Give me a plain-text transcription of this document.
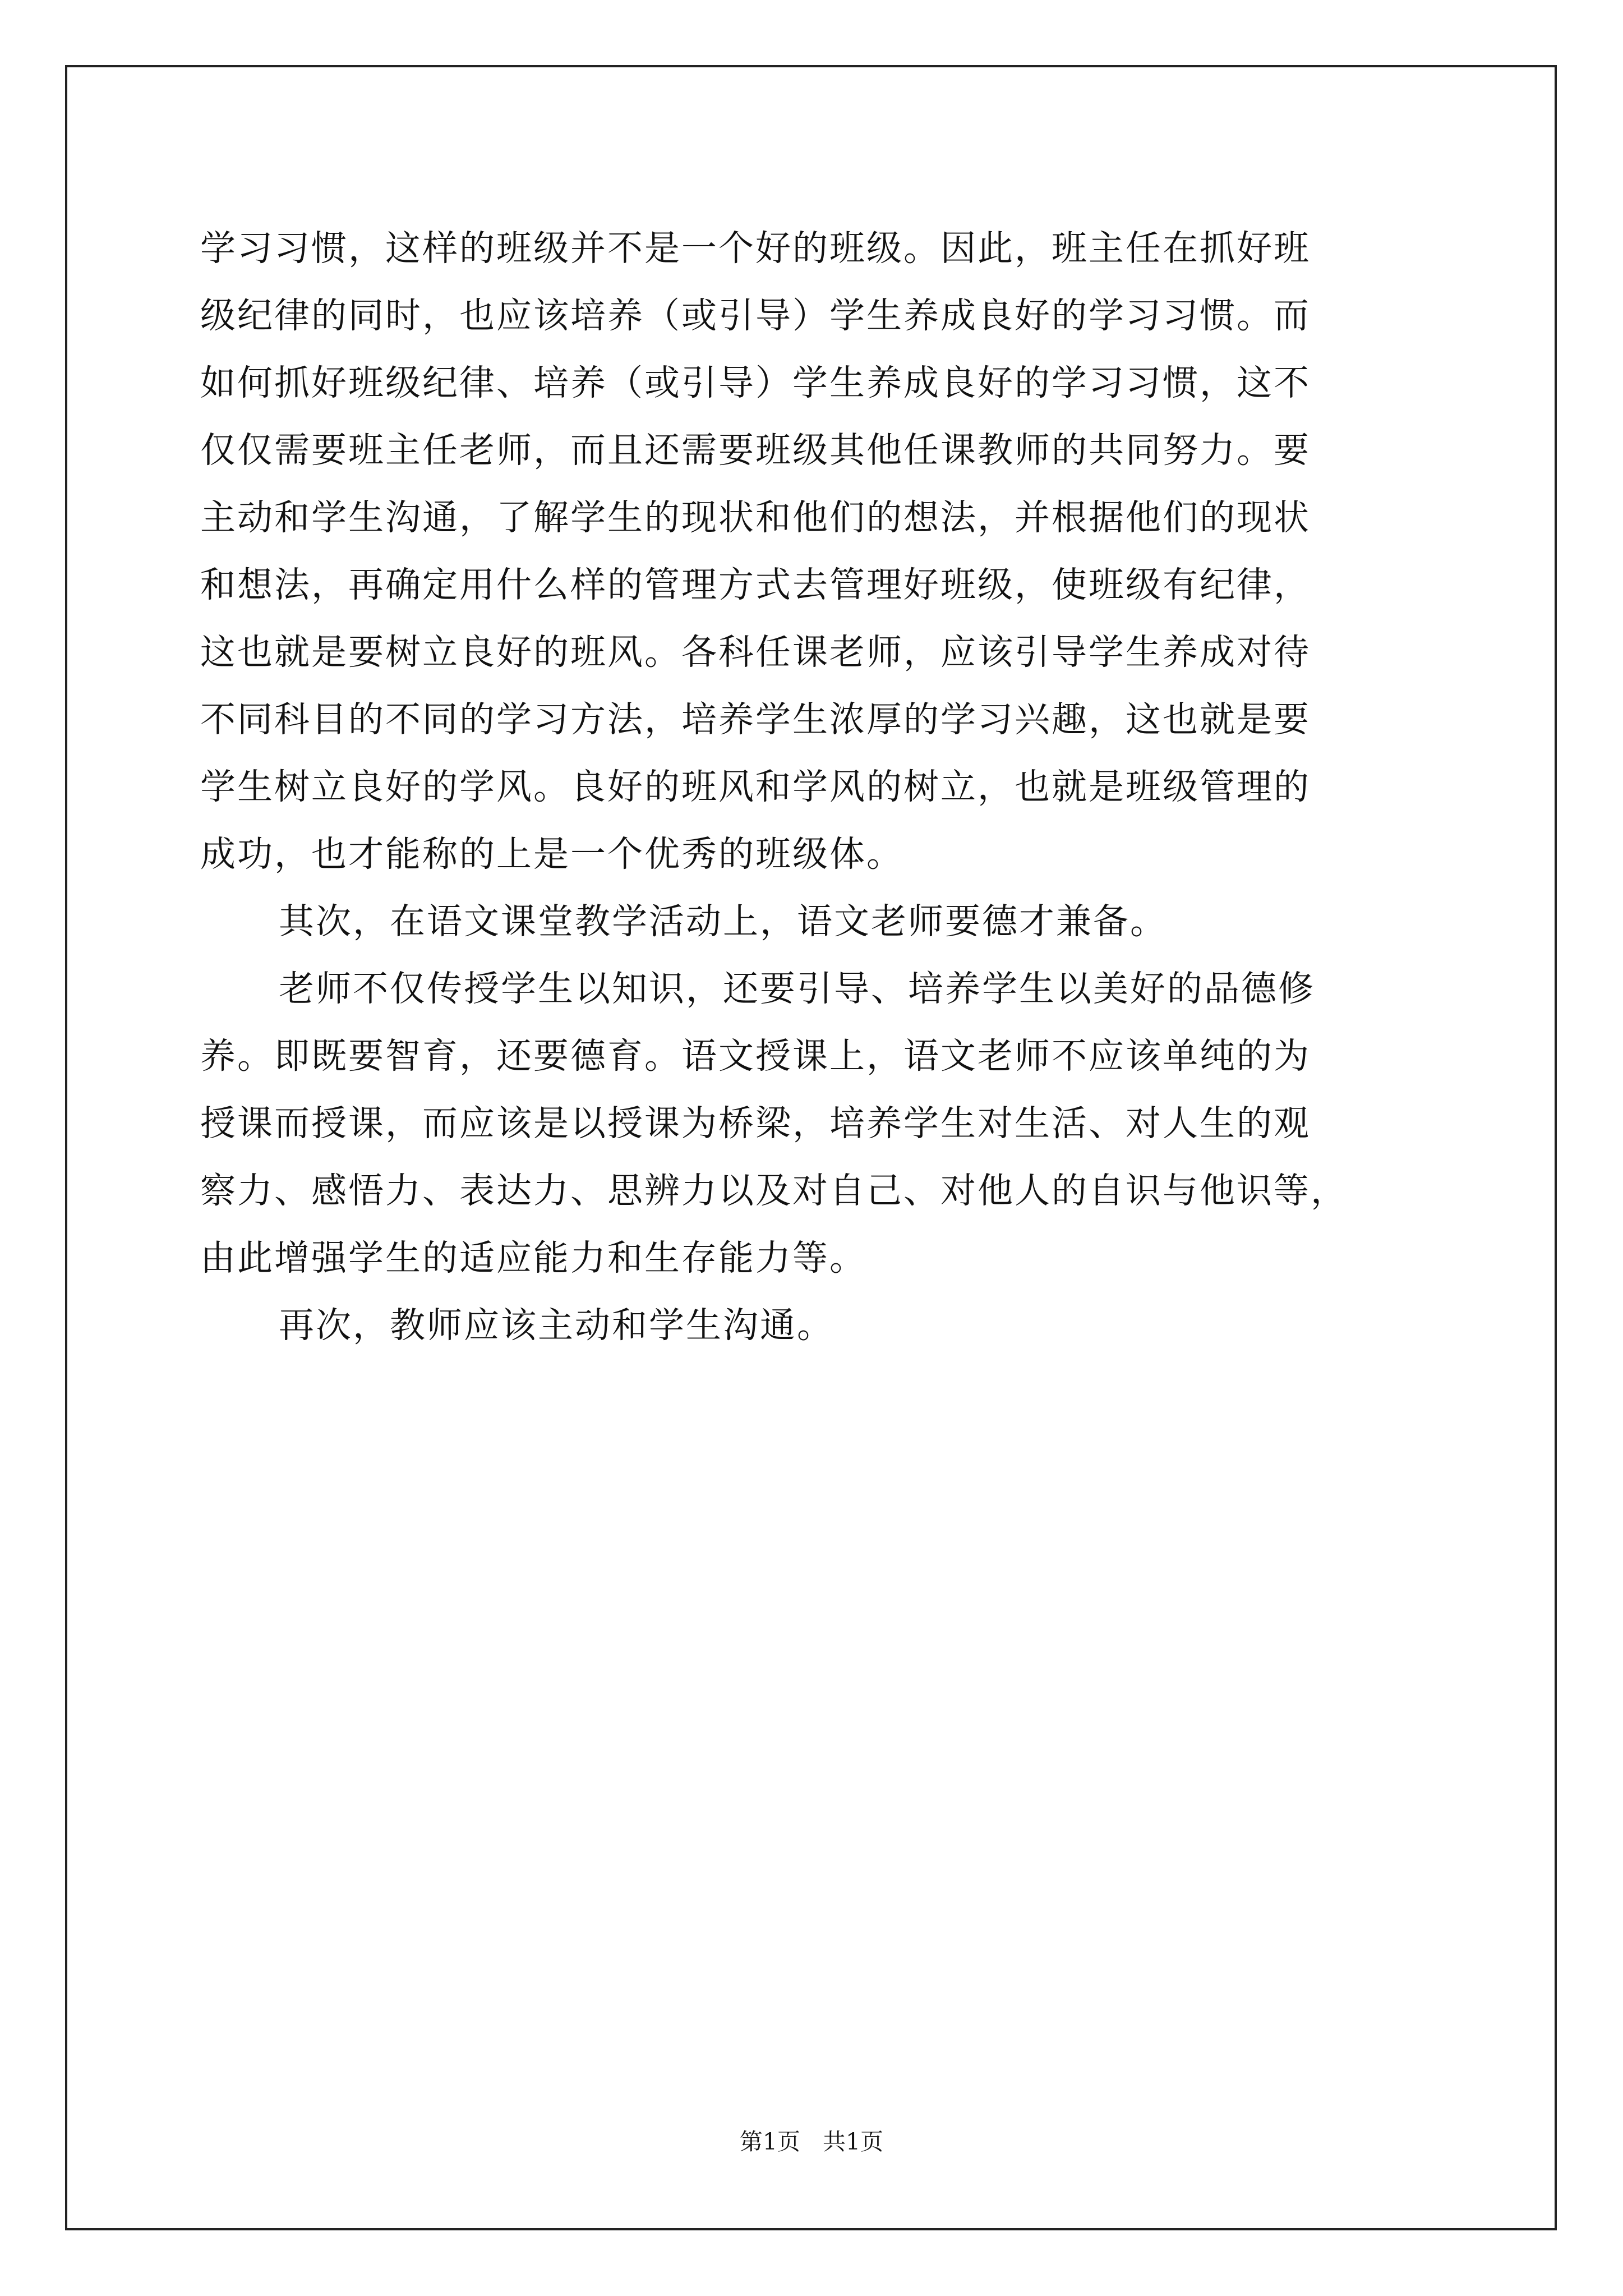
学习习惯，这样的班级并不是一个好的班级。因此，班主任在抓好班
级纪律的同时，也应该培养（或引导）学生养成良好的学习习惯。而
如何抓好班级纪律、培养（或引导）学生养成良好的学习习惯，这不
仅仅需要班主任老师，而且还需要班级其他任课教师的共同努力。要
主动和学生沟通，了解学生的现状和他们的想法，并根据他们的现状
和想法，再确定用什么样的管理方式去管理好班级，使班级有纪律，
这也就是要树立良好的班风。各科任课老师，应该引导学生养成对待
不同科目的不同的学习方法，培养学生浓厚的学习兴趣，这也就是要
学生树立良好的学风。良好的班风和学风的树立，也就是班级管理的
成功，也才能称的上是一个优秀的班级体。

其次，在语文课堂教学活动上，语文老师要德才兼备。

老师不仅传授学生以知识，还要引导、培养学生以美好的品德修
养。即既要智育，还要德育。语文授课上，语文老师不应该单纯的为
授课而授课，而应该是以授课为桥梁，培养学生对生活、对人生的观
察力、感悟力、表达力、思辨力以及对自己、对他人的自识与他识等，
由此增强学生的适应能力和生存能力等。

再次，教师应该主动和学生沟通。

第1页 共1页
